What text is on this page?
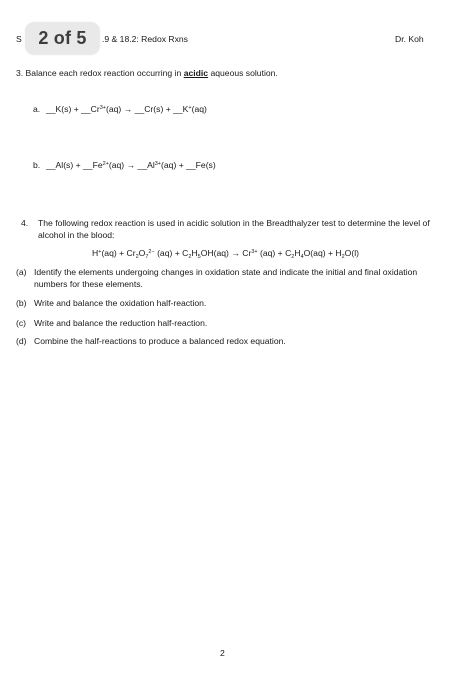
S 2 of 5 .9 & 18.2: Redox Rxns	Dr. Koh
3. Balance each redox reaction occurring in acidic aqueous solution.
a. __K(s) + $\_\_Cr^{3+}(aq)$ → __Cr(s) + __K+(aq)
b. __Al(s) + $\_\_Fe^{2+}(aq)$ → $\_\_Al^{3+}(aq)$ + __Fe(s)
4. The following redox reaction is used in acidic solution in the Breadthalyzer test to determine the level of alcohol in the blood:
$H^+(aq) + Cr_2O_7^{2-}$ $(aq) + C_2H_5OH(aq) \to Cr^{3+}$ $(aq) + C_2H_4O(aq) + H_2O(l)$
(a) Identify the elements undergoing changes in oxidation state and indicate the initial and final oxidation numbers for these elements.
(b) Write and balance the oxidation half-reaction.
(c) Write and balance the reduction half-reaction.
(d) Combine the half-reactions to produce a balanced redox equation.
2
